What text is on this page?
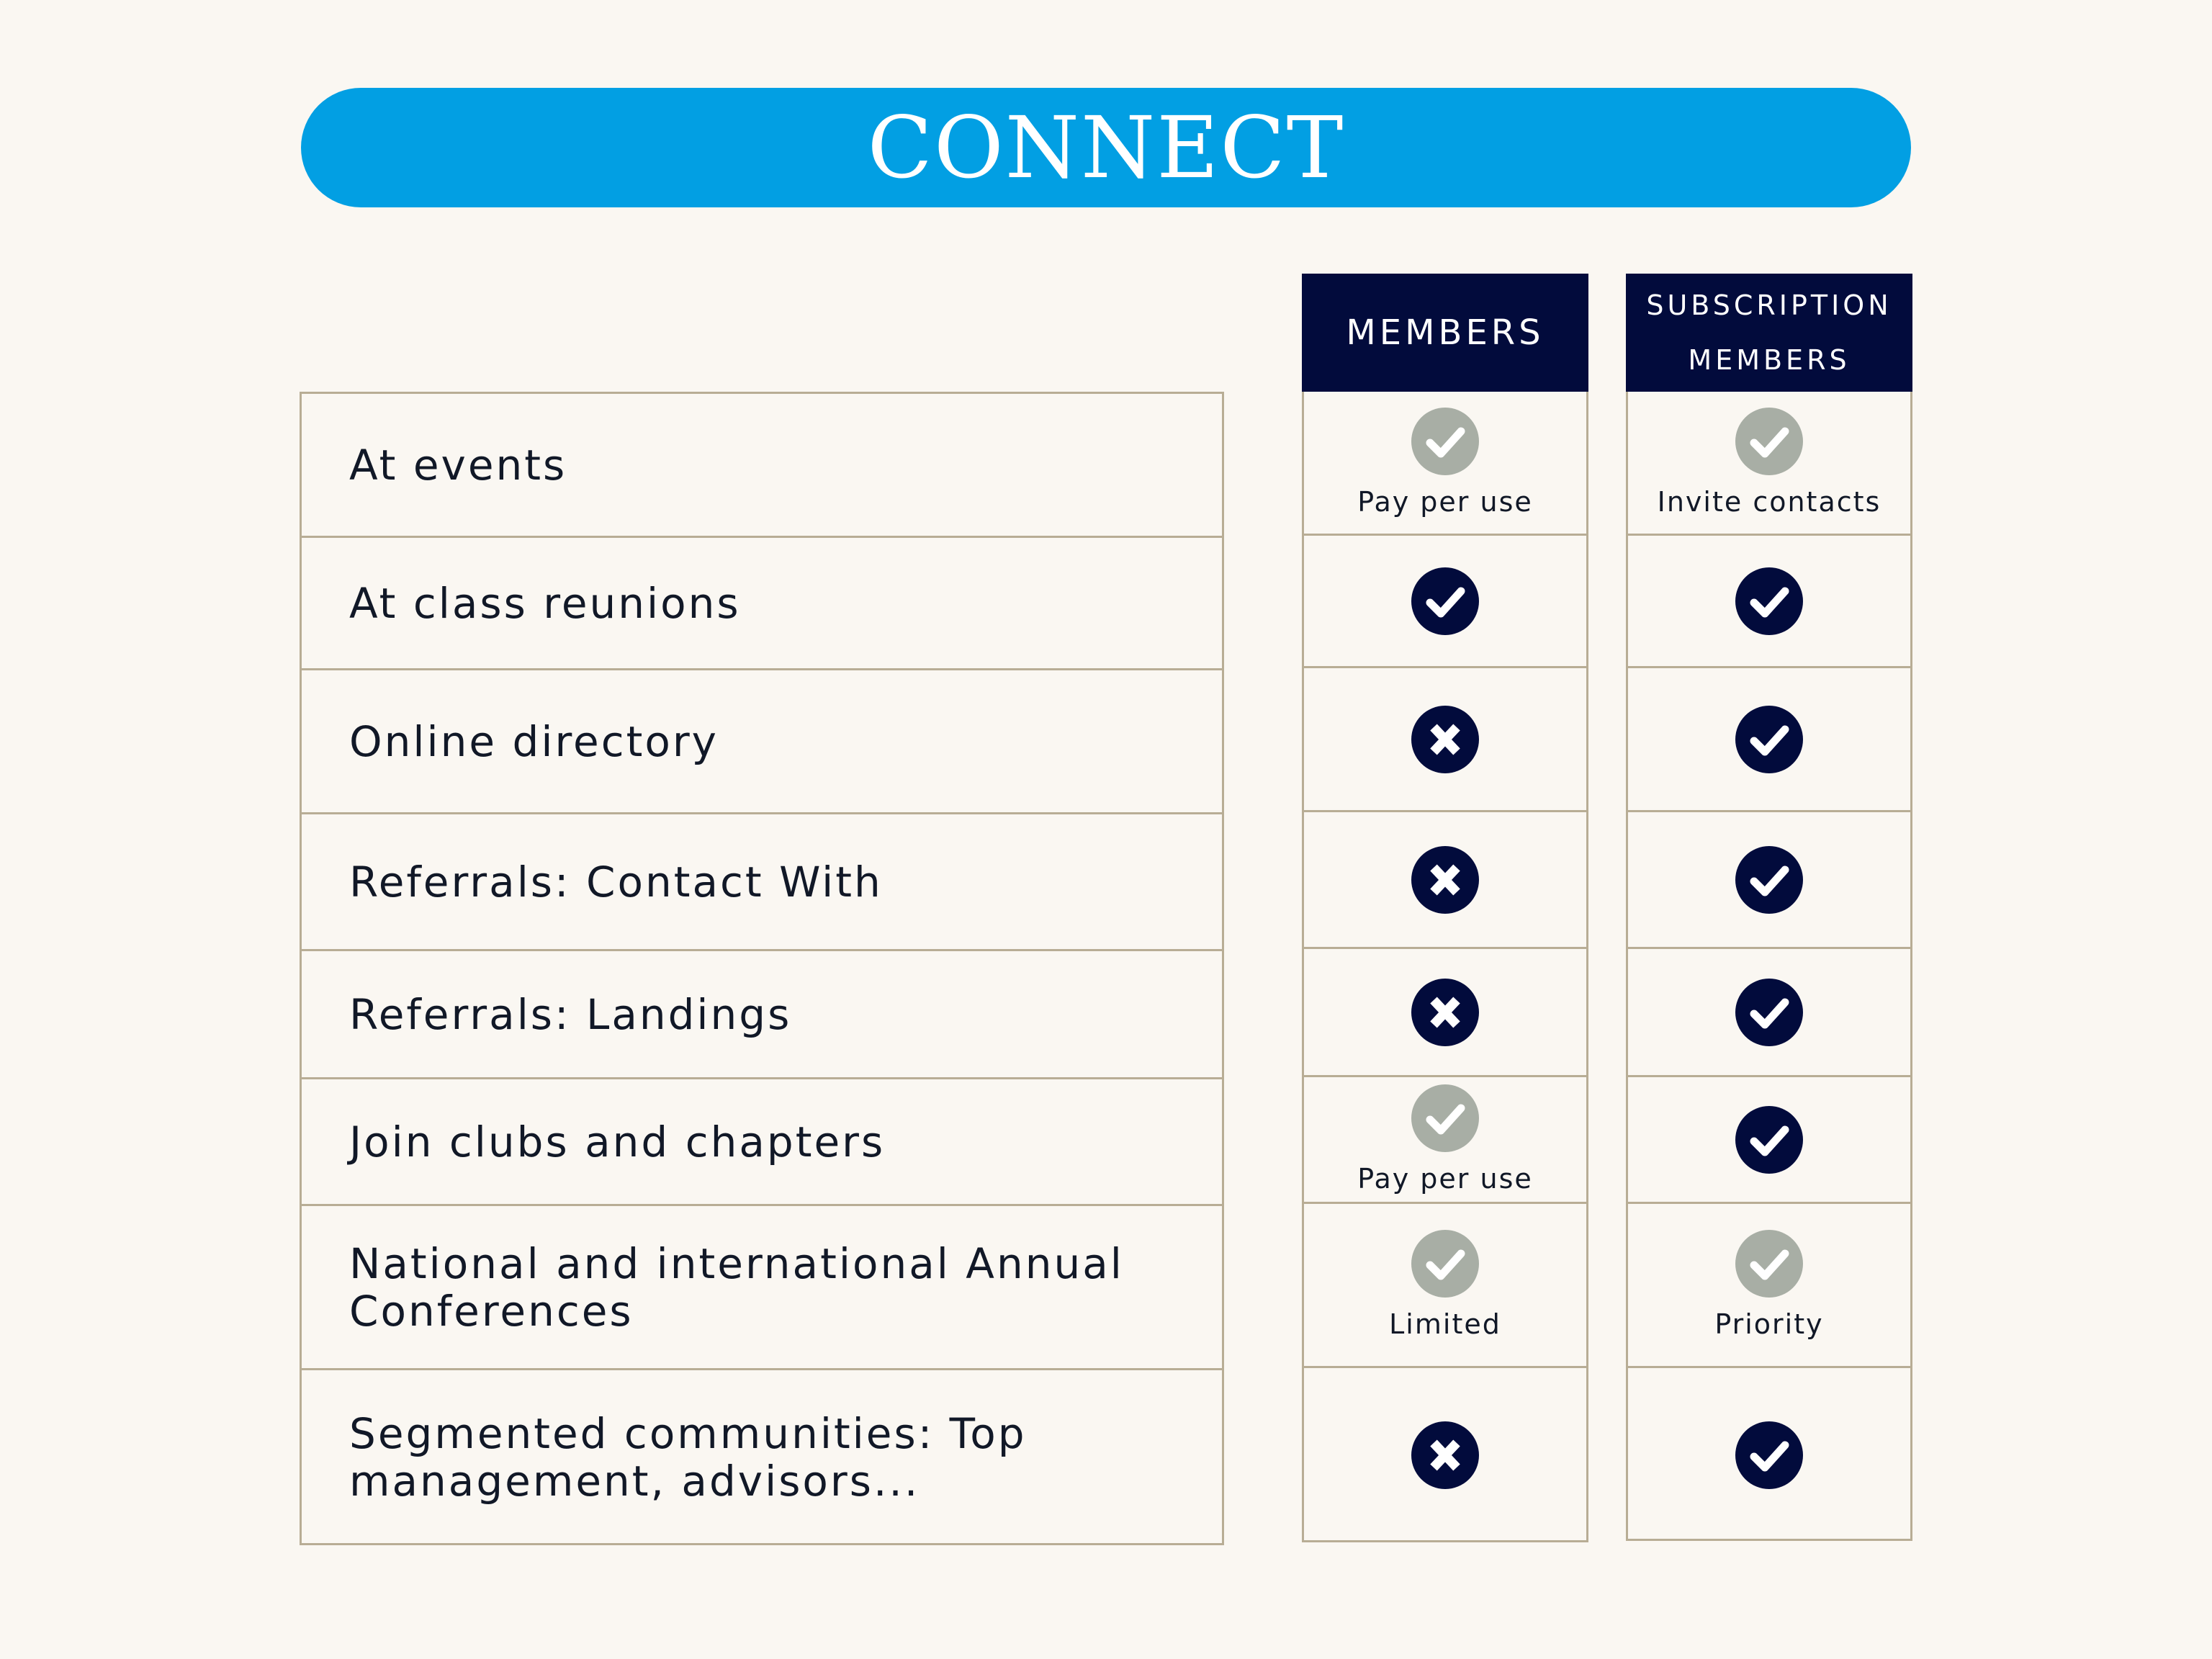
CONNECT
MEMBERS
SUBSCRIPTION
MEMBERS
At events
At class reunions
Online directory
Referrals: Contact With
Referrals: Landings
Join clubs and chapters
National and international Annual Conferences
Segmented communities: Top management, advisors...
Pay per use
Pay per use
Limited
Invite contacts
Priority
